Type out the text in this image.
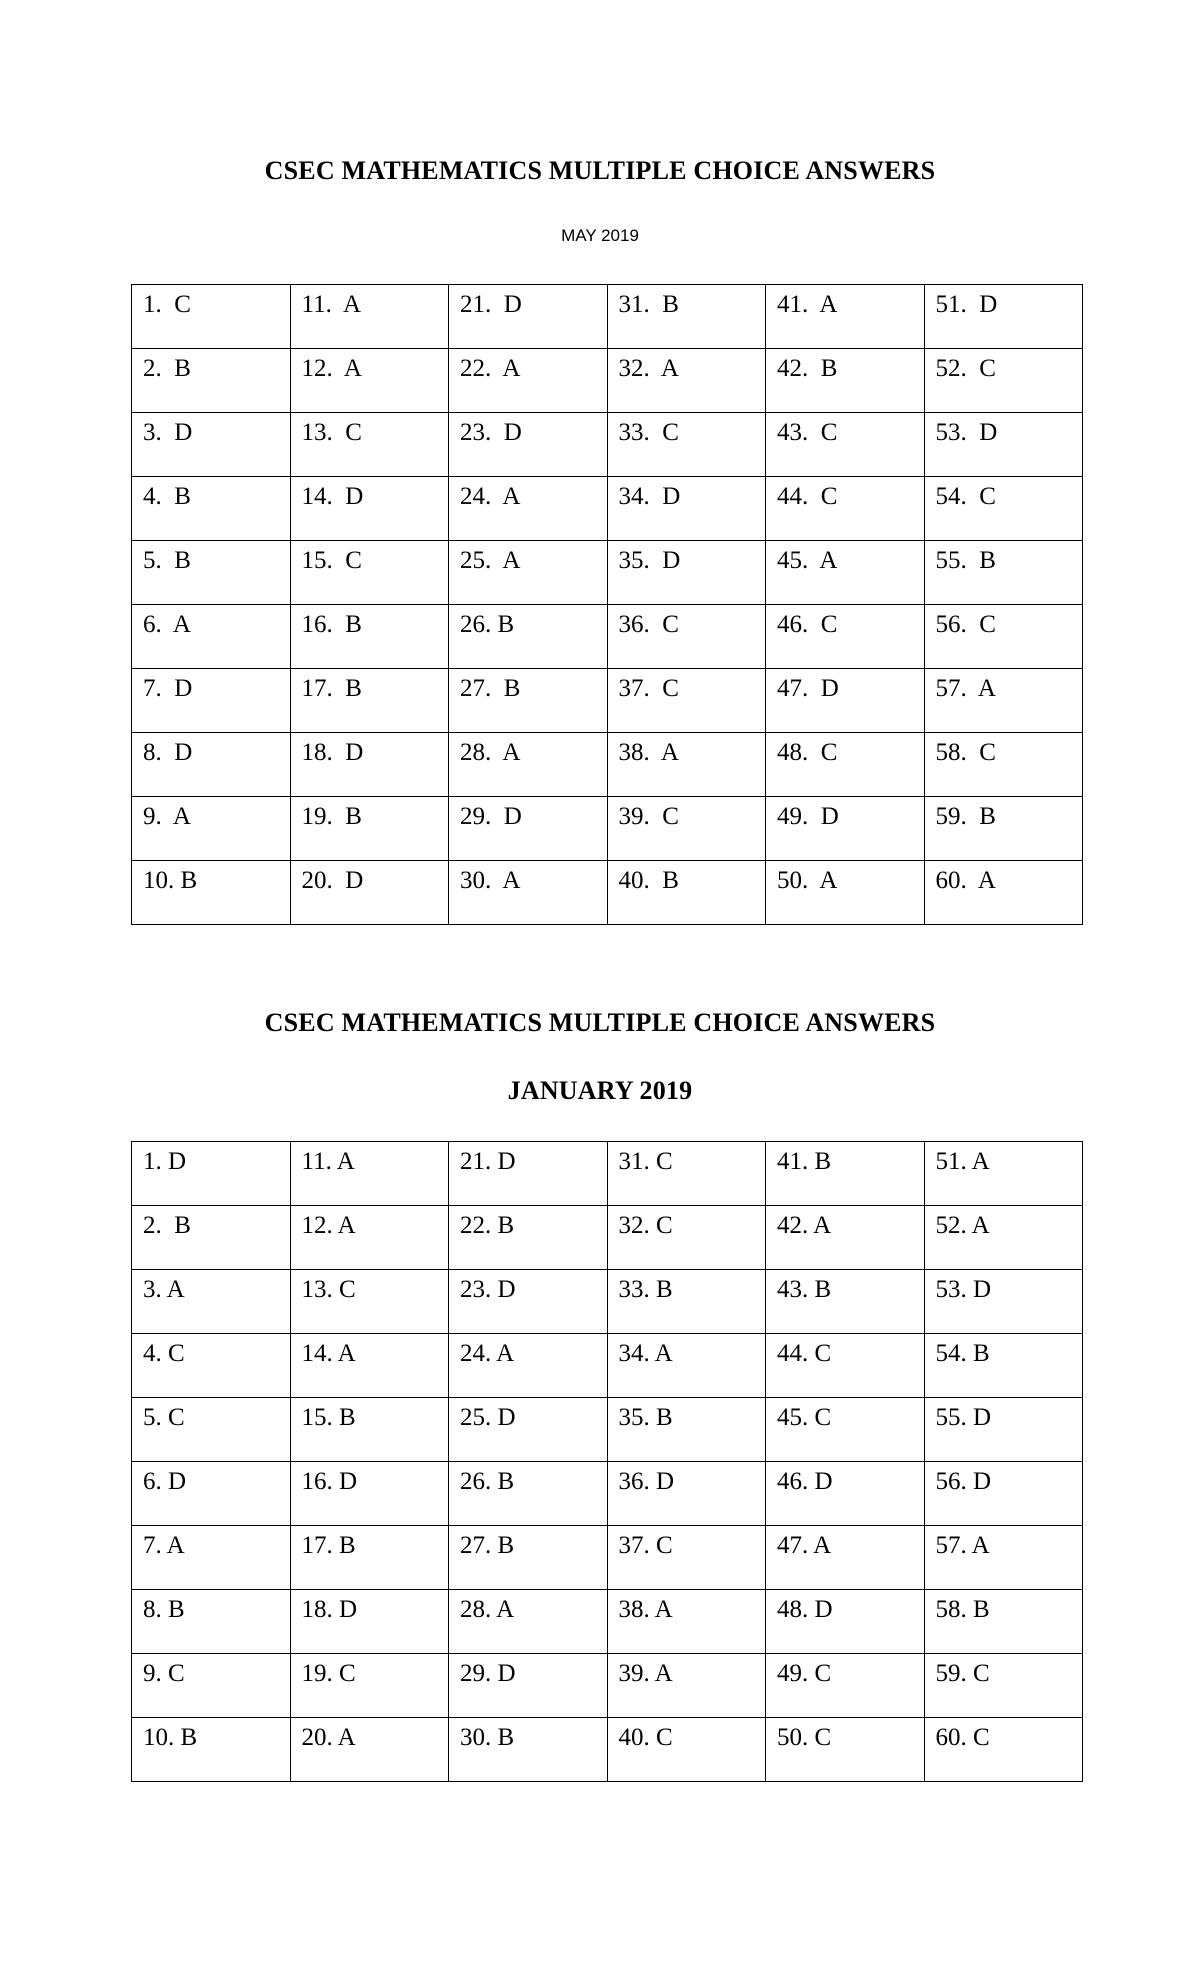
CSEC MATHEMATICS MULTIPLE CHOICE ANSWERS
MAY 2019
1.  C	11.  A	21.  D	31.  B	41.  A	51.  D
2.  B	12.  A	22.  A	32.  A	42.  B	52.  C
3.  D	13.  C	23.  D	33.  C	43.  C	53.  D
4.  B	14.  D	24.  A	34.  D	44.  C	54.  C
5.  B	15.  C	25.  A	35.  D	45.  A	55.  B
6.  A	16.  B	26. B	36.  C	46.  C	56.  C
7.  D	17.  B	27.  B	37.  C	47.  D	57.  A
8.  D	18.  D	28.  A	38.  A	48.  C	58.  C
9.  A	19.  B	29.  D	39.  C	49.  D	59.  B
10. B	20.  D	30.  A	40.  B	50.  A	60.  A
CSEC MATHEMATICS MULTIPLE CHOICE ANSWERS
JANUARY 2019
1. D	11. A	21. D	31. C	41. B	51. A
2.  B	12. A	22. B	32. C	42. A	52. A
3. A	13. C	23. D	33. B	43. B	53. D
4. C	14. A	24. A	34. A	44. C	54. B
5. C	15. B	25. D	35. B	45. C	55. D
6. D	16. D	26. B	36. D	46. D	56. D
7. A	17. B	27. B	37. C	47. A	57. A
8. B	18. D	28. A	38. A	48. D	58. B
9. C	19. C	29. D	39. A	49. C	59. C
10. B	20. A	30. B	40. C	50. C	60. C
